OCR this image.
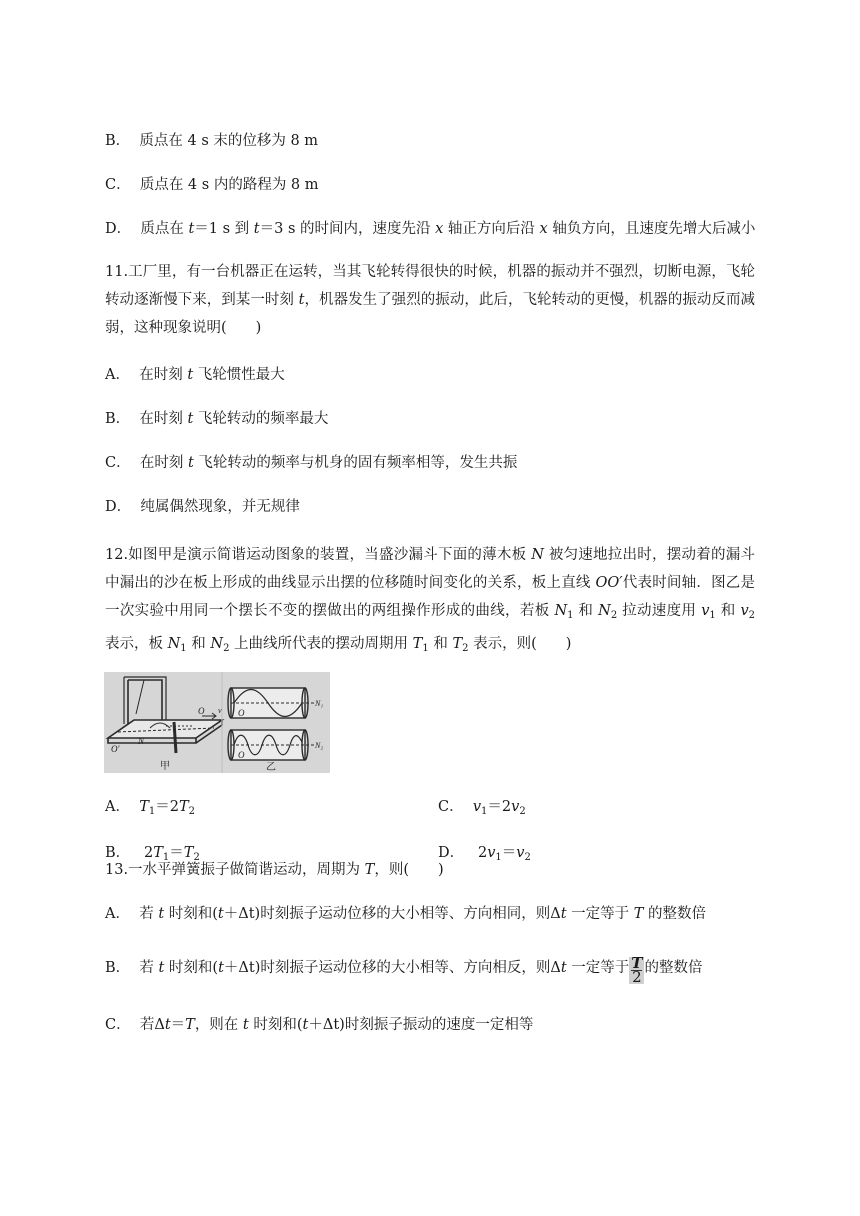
B． 质点在 4 s 末的位移为 8 m
C． 质点在 4 s 内的路程为 8 m
D． 质点在 t＝1 s 到 t＝3 s 的时间内，速度先沿 x 轴正方向后沿 x 轴负方向，且速度先增大后减小
11.工厂里，有一台机器正在运转，当其飞轮转得很快的时候，机器的振动并不强烈，切断电源，飞轮转动逐渐慢下来，到某一时刻 t，机器发生了强烈的振动，此后，飞轮转动的更慢，机器的振动反而减弱，这种现象说明(　　)
A． 在时刻 t 飞轮惯性最大
B． 在时刻 t 飞轮转动的频率最大
C． 在时刻 t 飞轮转动的频率与机身的固有频率相等，发生共振
D． 纯属偶然现象，并无规律
12.如图甲是演示简谐运动图象的装置，当盛沙漏斗下面的薄木板 N 被匀速地拉出时，摆动着的漏斗中漏出的沙在板上形成的曲线显示出摆的位移随时间变化的关系，板上直线 OO′代表时间轴．图乙是一次实验中用同一个摆长不变的摆做出的两组操作形成的曲线，若板 $N_1$ 和 $N_2$ 拉动速度用 $v_1$ 和 $v_2$ 表示，板 $N_1$ 和 $N_2$ 上曲线所代表的摆动周期用 $T_1$ 和 $T_2$ 表示，则(　　)
O v
O′
N
甲
O
O
N₁
N₂
乙
A． $T_1=2T_2$	C． $v_1=2v_2$
B． $2T_1=T_2$	D． $2v_1=v_2$
13.一水平弹簧振子做简谐运动，周期为 T，则(　　)
A． 若 t 时刻和(t＋Δt)时刻振子运动位移的大小相等、方向相同，则Δt 一定等于 T 的整数倍
B． 若 t 时刻和(t＋Δt)时刻振子运动位移的大小相等、方向相反，则Δt 一定等于 $\frac{T}{2}$ 的整数倍
C． 若Δt＝T，则在 t 时刻和(t＋Δt)时刻振子振动的速度一定相等
